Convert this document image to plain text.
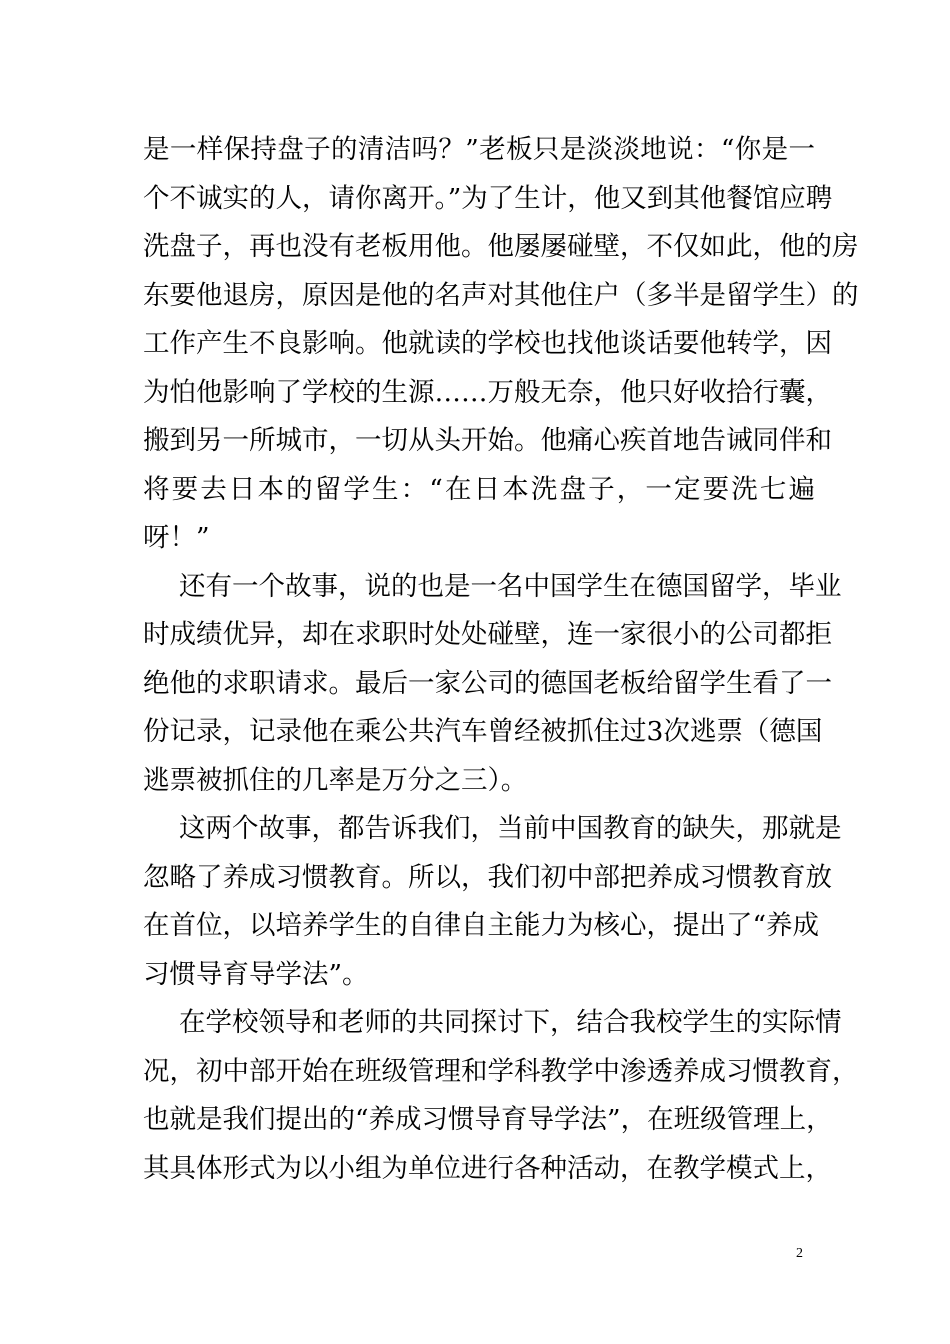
是一样保持盘子的清洁吗？”老板只是淡淡地说：“你是一
个不诚实的人，请你离开。”为了生计，他又到其他餐馆应聘
洗盘子，再也没有老板用他。他屡屡碰壁，不仅如此，他的房
东要他退房，原因是他的名声对其他住户（多半是留学生）的
工作产生不良影响。他就读的学校也找他谈话要他转学，因
为怕他影响了学校的生源……万般无奈，他只好收拾行囊，
搬到另一所城市，一切从头开始。他痛心疾首地告诫同伴和
将要去日本的留学生：“在日本洗盘子，一定要洗七遍
呀！”
还有一个故事，说的也是一名中国学生在德国留学，毕业
时成绩优异，却在求职时处处碰壁，连一家很小的公司都拒
绝他的求职请求。最后一家公司的德国老板给留学生看了一
份记录，记录他在乘公共汽车曾经被抓住过3次逃票（德国
逃票被抓住的几率是万分之三）。
这两个故事，都告诉我们，当前中国教育的缺失，那就是
忽略了养成习惯教育。所以，我们初中部把养成习惯教育放
在首位，以培养学生的自律自主能力为核心，提出了“养成
习惯导育导学法”。
在学校领导和老师的共同探讨下，结合我校学生的实际情
况，初中部开始在班级管理和学科教学中渗透养成习惯教育，
也就是我们提出的“养成习惯导育导学法”，在班级管理上，
其具体形式为以小组为单位进行各种活动，在教学模式上，
2
